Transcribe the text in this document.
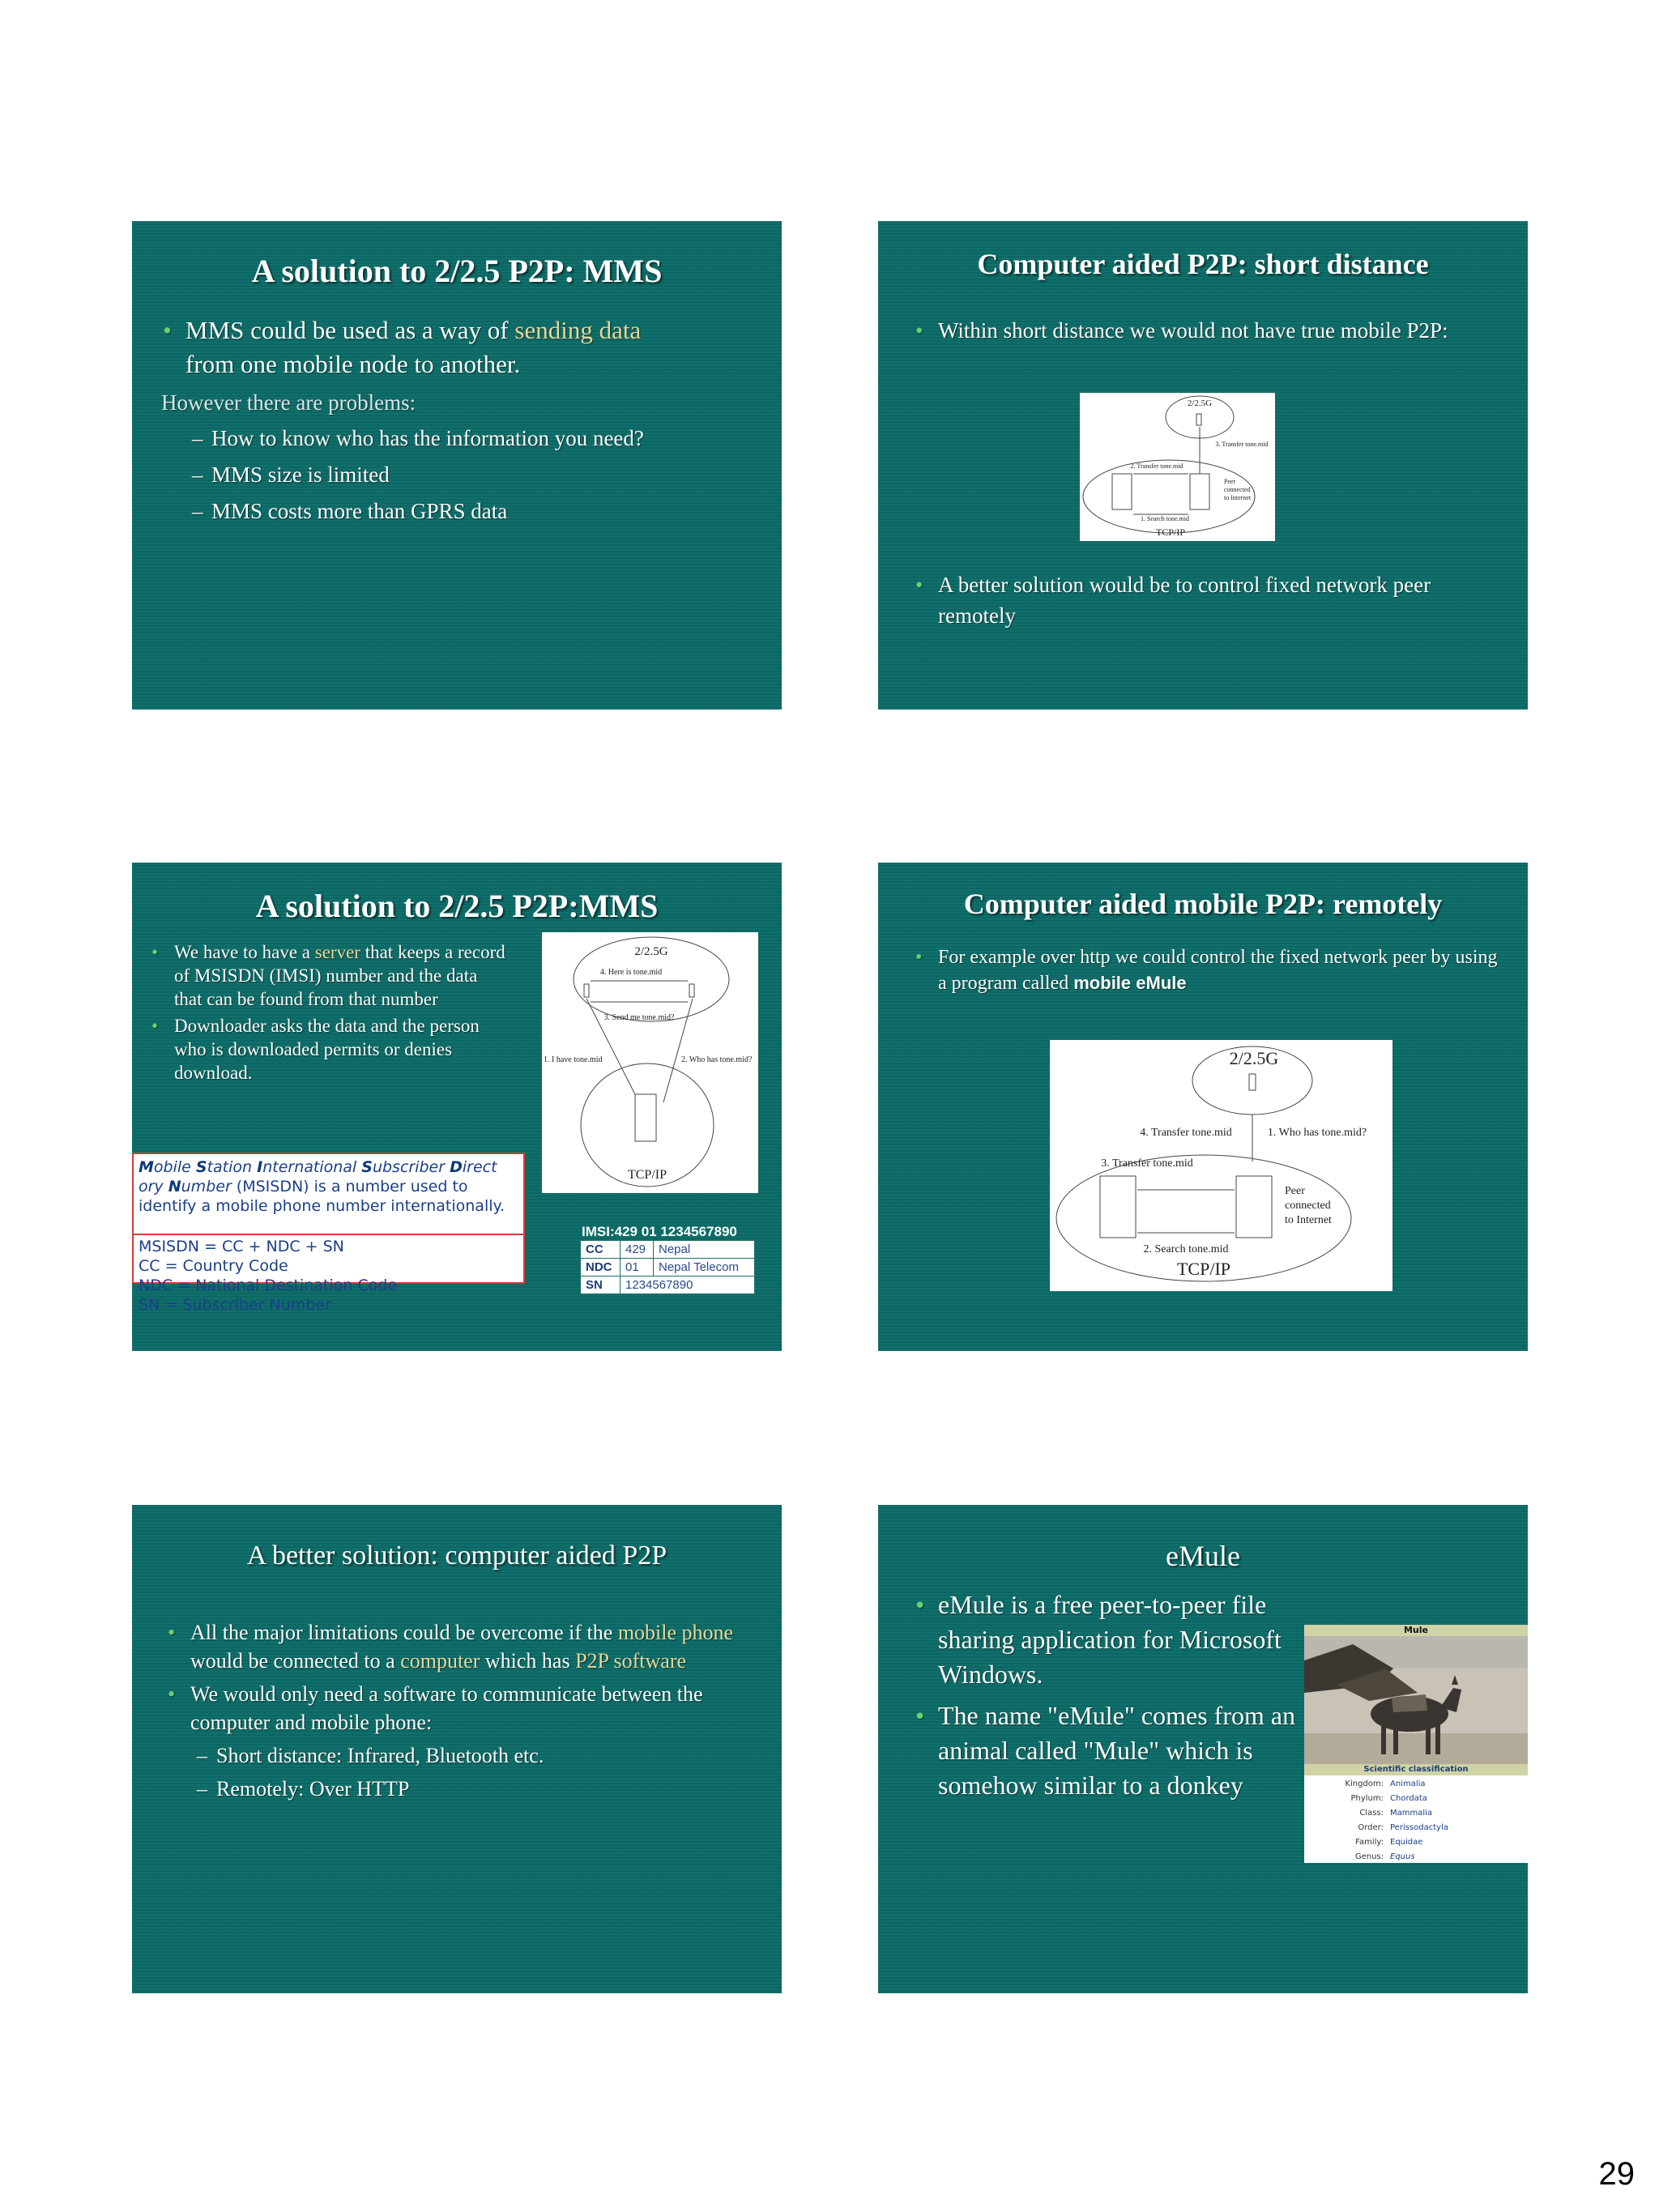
A solution to 2/2.5 P2P: MMS
• MMS could be used as a way of sending data
from one mobile node to another.
However there are problems:
– How to know who has the information you need?
– MMS size is limited
– MMS costs more than GPRS data
Computer aided P2P: short distance
• Within short distance we would not have true mobile P2P:
2/2.5G
3. Transfer tone.mid
2. Transfer tone.mid
Peer
connected
to Internet
1. Search tone.mid
TCP/IP
• A better solution would be to control fixed network peer remotely
A solution to 2/2.5 P2P:MMS
• We have to have a server that keeps a record of MSISDN (IMSI) number and the data that can be found from that number
• Downloader asks the data and the person who is downloaded permits or denies download.
2/2.5G
4. Here is tone.mid
3. Send me tone.mid?
1. I have tone.mid	2. Who has tone.mid?
TCP/IP
Mobile Station International Subscriber Direct
ory Number (MSISDN) is a number used to identify a mobile phone number internationally.
MSISDN = CC + NDC + SN
CC = Country Code
NDC = National Destination Code
SN = Subscriber Number
IMSI:429 01 1234567890
CC	429	Nepal
NDC	01	Nepal Telecom
SN	1234567890	
Computer aided mobile P2P: remotely
• For example over http we could control the fixed network peer by using a program called mobile eMule
2/2.5G
4. Transfer tone.mid	1. Who has tone.mid?
3. Transfer tone.mid
Peer
connected
to Internet
2. Search tone.mid
TCP/IP
A better solution: computer aided P2P
• All the major limitations could be overcome if the mobile phone would be connected to a computer which has P2P software
• We would only need a software to communicate between the computer and mobile phone:
– Short distance: Infrared, Bluetooth etc.
– Remotely: Over HTTP
eMule
• eMule is a free peer-to-peer file sharing application for Microsoft Windows.
• The name "eMule" comes from an animal called "Mule" which is somehow similar to a donkey
Mule
Scientific classification
Kingdom: Animalia
Phylum: Chordata
Class: Mammalia
Order: Perissodactyla
Family: Equidae
Genus: Equus
29
